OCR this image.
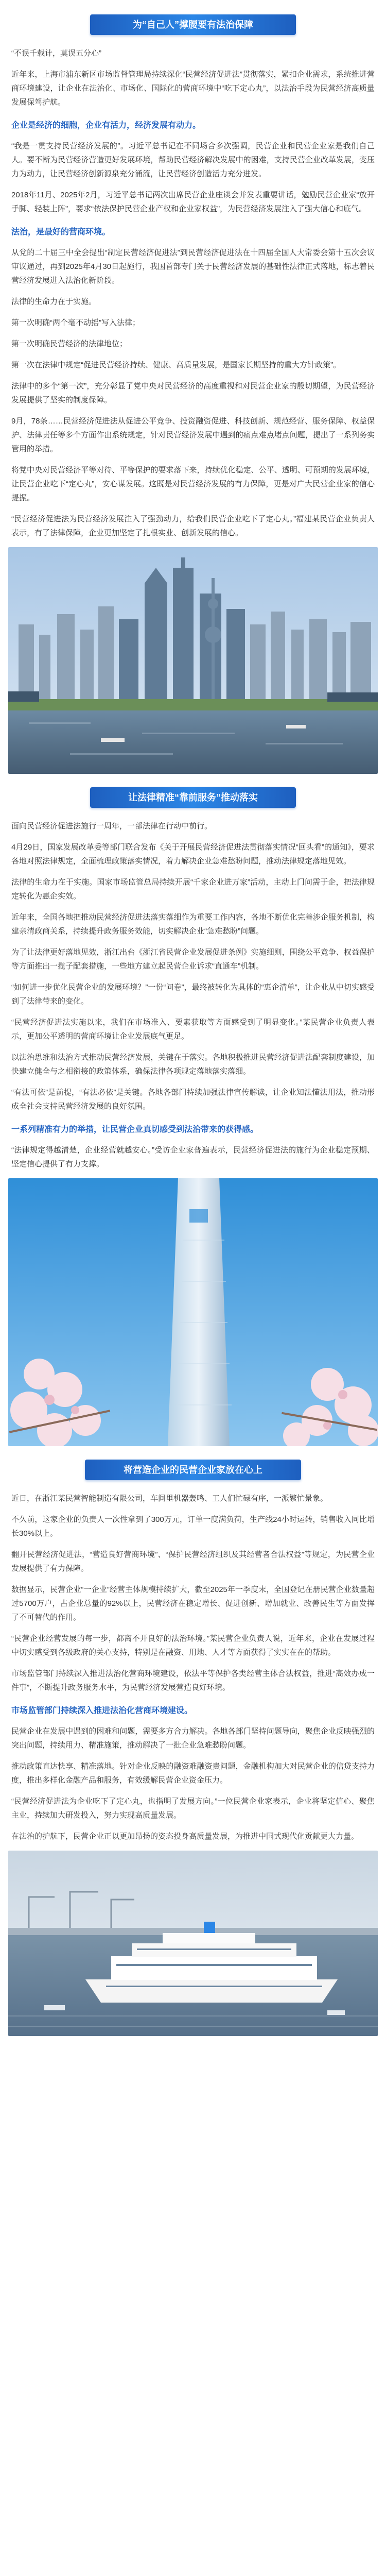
为“自己人”撑腰要有法治保障

“不误千载计，莫误五分心”

近年来，上海市浦东新区市场监督管理局持续深化“民营经济促进法”贯彻落实，紧扣企业需求，系统推进营商环境建设，让企业在法治化、市场化、国际化的营商环境中“吃下定心丸”，以法治手段为民营经济高质量发展保驾护航。

企业是经济的细胞，企业有活力，经济发展有动力。

“我是一贯支持民营经济发展的”。习近平总书记在不同场合多次强调，民营企业和民营企业家是我们自己人。要不断为民营经济营造更好发展环境，帮助民营经济解决发展中的困难，支持民营企业改革发展，变压力为动力，让民营经济创新源泉充分涌流，让民营经济创造活力充分迸发。

2018年11月、2025年2月，习近平总书记两次出席民营企业座谈会并发表重要讲话，勉励民营企业家“放开手脚、轻装上阵”，要求“依法保护民营企业产权和企业家权益”，为民营经济发展注入了强大信心和底气。

法治，是最好的营商环境。

从党的二十届三中全会提出“制定民营经济促进法”到民营经济促进法在十四届全国人大常委会第十五次会议审议通过，再到2025年4月30日起施行，我国首部专门关于民营经济发展的基础性法律正式落地，标志着民营经济发展进入法治化新阶段。

法律的生命力在于实施。

第一次明确“两个毫不动摇”写入法律；

第一次明确民营经济的法律地位；

第一次在法律中规定“促进民营经济持续、健康、高质量发展，是国家长期坚持的重大方针政策”。

法律中的多个“第一次”，充分彰显了党中央对民营经济的高度重视和对民营企业家的殷切期望，为民营经济发展提供了坚实的制度保障。

9月，78条……民营经济促进法从促进公平竞争、投资融资促进、科技创新、规范经营、服务保障、权益保护、法律责任等多个方面作出系统规定，针对民营经济发展中遇到的痛点难点堵点问题，提出了一系列务实管用的举措。

将党中央对民营经济平等对待、平等保护的要求落下来，持续优化稳定、公平、透明、可预期的发展环境，让民营企业吃下“定心丸”，安心谋发展。这既是对民营经济发展的有力保障，更是对广大民营企业家的信心提振。

“民营经济促进法为民营经济发展注入了强劲动力，给我们民营企业吃下了定心丸。”福建某民营企业负责人表示，有了法律保障，企业更加坚定了扎根实业、创新发展的信心。

让法律精准“靠前服务”推动落实

面向民营经济促进法施行一周年，一部法律在行动中前行。

4月29日，国家发展改革委等部门联合发布《关于开展民营经济促进法贯彻落实情况“回头看”的通知》，要求各地对照法律规定，全面梳理政策落实情况，着力解决企业急难愁盼问题，推动法律规定落地见效。

法律的生命力在于实施。国家市场监管总局持续开展“千家企业进万家”活动，主动上门问需于企，把法律规定转化为惠企实效。

近年来，全国各地把推动民营经济促进法落实落细作为重要工作内容，各地不断优化完善涉企服务机制，构建亲清政商关系，持续提升政务服务效能，切实解决企业“急难愁盼”问题。

为了让法律更好落地见效，浙江出台《浙江省民营企业发展促进条例》实施细则，围绕公平竞争、权益保护等方面推出一揽子配套措施，一些地方建立起民营企业诉求“直通车”机制。

“如何进一步优化民营企业的发展环境？”一份“问卷”，最终被转化为具体的“惠企清单”，让企业从中切实感受到了法律带来的变化。

“民营经济促进法实施以来，我们在市场准入、要素获取等方面感受到了明显变化。”某民营企业负责人表示，更加公平透明的营商环境让企业发展底气更足。

以法治思维和法治方式推动民营经济发展，关键在于落实。各地积极推进民营经济促进法配套制度建设，加快建立健全与之相衔接的政策体系，确保法律各项规定落地落实落细。

“有法可依”是前提，“有法必依”是关键。各地各部门持续加强法律宣传解读，让企业知法懂法用法，推动形成全社会支持民营经济发展的良好氛围。

一系列精准有力的举措，让民营企业真切感受到法治带来的获得感。

“法律规定得越清楚，企业经营就越安心。”受访企业家普遍表示，民营经济促进法的施行为企业稳定预期、坚定信心提供了有力支撑。

将营造企业的民营企业家放在心上

近日，在浙江某民营智能制造有限公司，车间里机器轰鸣、工人们忙碌有序，一派繁忙景象。

不久前，这家企业的负责人一次性拿到了300万元，订单一度满负荷，生产线24小时运转，销售收入同比增长30%以上。

翻开民营经济促进法，“营造良好营商环境”、“保护民营经济组织及其经营者合法权益”等规定，为民营企业发展提供了有力保障。

数据显示，民营企业“一企业”经营主体规模持续扩大，截至2025年一季度末，全国登记在册民营企业数量超过5700万户，占企业总量的92%以上，民营经济在稳定增长、促进创新、增加就业、改善民生等方面发挥了不可替代的作用。

“民营企业经营发展的每一步，都离不开良好的法治环境。”某民营企业负责人说，近年来，企业在发展过程中切实感受到各级政府的关心支持，特别是在融资、用地、人才等方面获得了实实在在的帮助。

市场监管部门持续深入推进法治化营商环境建设，依法平等保护各类经营主体合法权益，推进“高效办成一件事”，不断提升政务服务水平，为民营经济发展营造良好环境。

市场监管部门持续深入推进法治化营商环境建设。

民营企业在发展中遇到的困难和问题，需要多方合力解决。各地各部门坚持问题导向，聚焦企业反映强烈的突出问题，持续用力、精准施策，推动解决了一批企业急难愁盼问题。

推动政策直达快享、精准落地。针对企业反映的融资难融资贵问题，金融机构加大对民营企业的信贷支持力度，推出多样化金融产品和服务，有效缓解民营企业资金压力。

“民营经济促进法为企业吃下了定心丸，也指明了发展方向。”一位民营企业家表示，企业将坚定信心、聚焦主业，持续加大研发投入，努力实现高质量发展。

在法治的护航下，民营企业正以更加昂扬的姿态投身高质量发展，为推进中国式现代化贡献更大力量。
